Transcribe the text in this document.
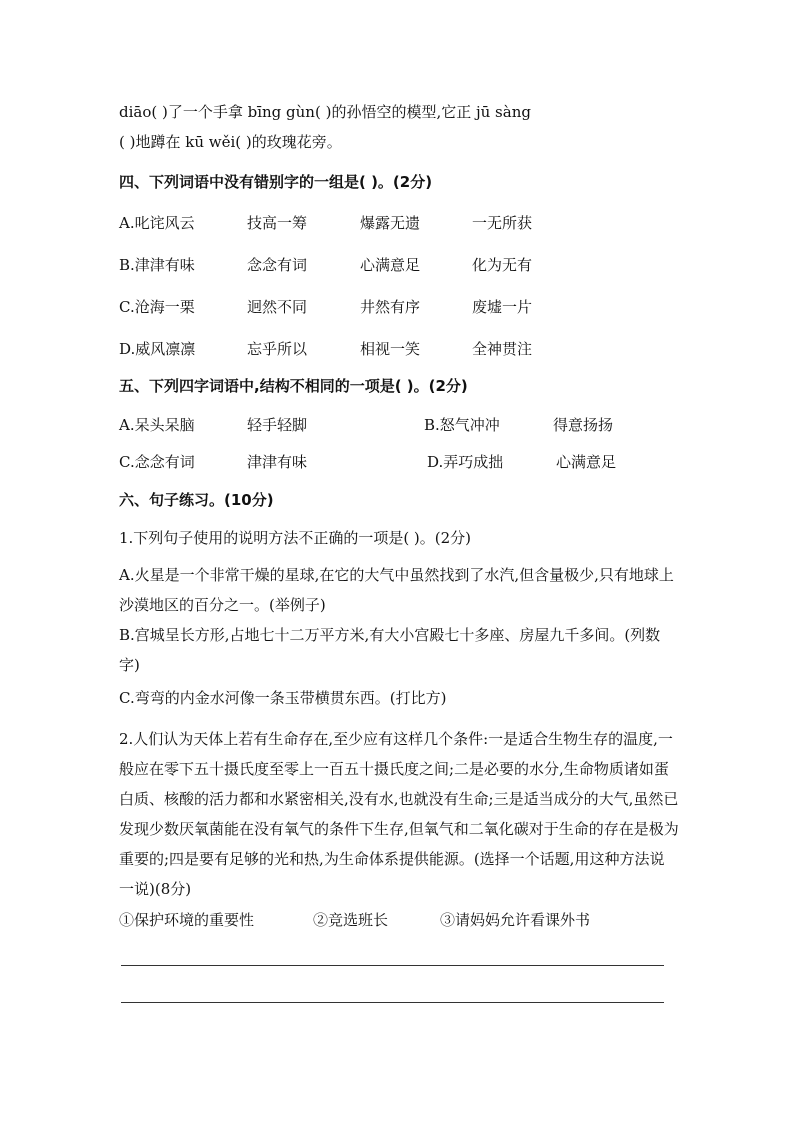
diāo( )了一个手拿 bīng gùn( )的孙悟空的模型,它正 jū sàng
( )地蹲在 kū wěi( )的玫瑰花旁。
四、下列词语中没有错别字的一组是( )。(2分)
A.叱诧风云	技高一筹	爆露无遗	一无所获
B.津津有味	念念有词	心满意足	化为无有
C.沧海一栗	迥然不同	井然有序	废墟一片
D.威风凛凛	忘乎所以	相视一笑	全神贯注
五、下列四字词语中,结构不相同的一项是( )。(2分)
A.呆头呆脑	轻手轻脚	B.怒气冲冲	得意扬扬
C.念念有词	津津有味	D.弄巧成拙	心满意足
六、句子练习。(10分)
1.下列句子使用的说明方法不正确的一项是( )。(2分)
A.火星是一个非常干燥的星球,在它的大气中虽然找到了水汽,但含量极少,只有地球上沙漠地区的百分之一。(举例子)
B.宫城呈长方形,占地七十二万平方米,有大小宫殿七十多座、房屋九千多间。(列数字)
C.弯弯的内金水河像一条玉带横贯东西。(打比方)
2.人们认为天体上若有生命存在,至少应有这样几个条件:一是适合生物生存的温度,一般应在零下五十摄氏度至零上一百五十摄氏度之间;二是必要的水分,生命物质诸如蛋白质、核酸的活力都和水紧密相关,没有水,也就没有生命;三是适当成分的大气,虽然已发现少数厌氧菌能在没有氧气的条件下生存,但氧气和二氧化碳对于生命的存在是极为重要的;四是要有足够的光和热,为生命体系提供能源。(选择一个话题,用这种方法说一说)(8分)
①保护环境的重要性	②竞选班长	③请妈妈允许看课外书
